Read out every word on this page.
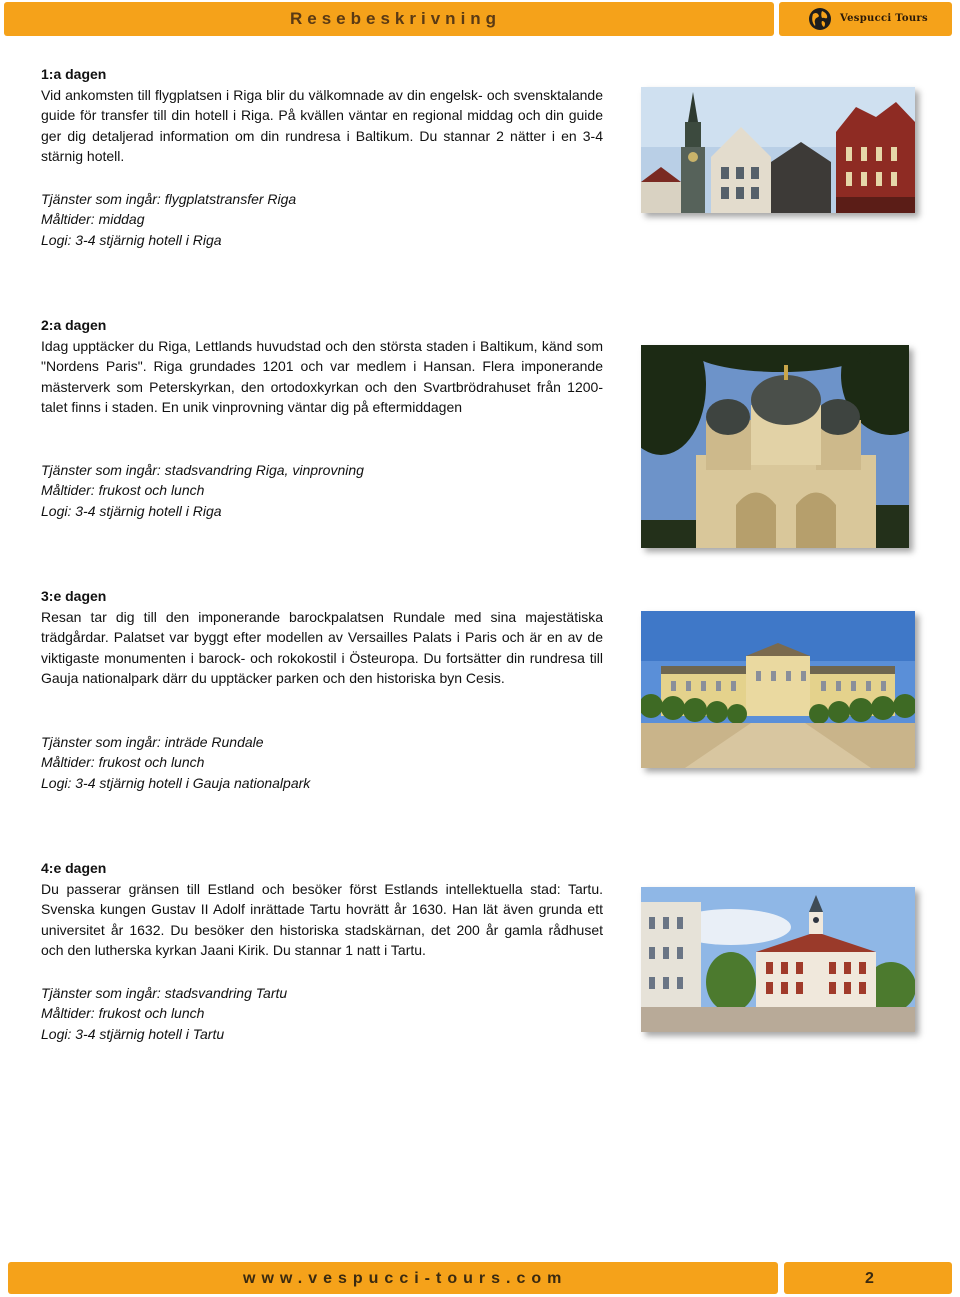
Resebeskrivning	Vespucci Tours
1:a dagen
Vid ankomsten till flygplatsen i Riga blir du välkomnade av din engelsk- och svensktalande guide för transfer till din hotell i Riga. På kvällen väntar en regional middag och din guide ger dig detaljerad information om din rundresa i Baltikum. Du stannar 2 nätter i en 3-4 stärnig hotell.
Tjänster som ingår: flygplatstransfer Riga
Måltider: middag
Logi: 3-4 stjärnig hotell i Riga
2:a dagen
Idag upptäcker du Riga, Lettlands huvudstad och den största staden i Baltikum, känd som "Nordens Paris". Riga grundades 1201 och var medlem i Hansan. Flera imponerande mästerverk som Peterskyrkan, den ortodoxkyrkan och den Svartbrödrahuset från 1200-talet finns i staden. En unik vinprovning väntar dig på eftermiddagen
Tjänster som ingår: stadsvandring Riga, vinprovning
Måltider: frukost och lunch
Logi: 3-4 stjärnig hotell i Riga
3:e dagen
Resan tar dig till den imponerande barockpalatsen Rundale med sina majestätiska trädgårdar. Palatset var byggt efter modellen av Versailles Palats i Paris och är en av de viktigaste monumenten i barock- och rokokostil i Östeuropa. Du fortsätter din rundresa till Gauja nationalpark därr du upptäcker parken och den historiska byn Cesis.
Tjänster som ingår: inträde Rundale
Måltider: frukost och lunch
Logi: 3-4 stjärnig hotell i Gauja nationalpark
4:e dagen
Du passerar gränsen till Estland och besöker först Estlands intellektuella stad: Tartu. Svenska kungen Gustav II Adolf inrättade Tartu hovrätt år 1630. Han lät även grunda ett universitet år 1632. Du besöker den historiska stadskärnan, det 200 år gamla rådhuset och den lutherska kyrkan Jaani Kirik. Du stannar 1 natt i Tartu.
Tjänster som ingår: stadsvandring Tartu
Måltider: frukost och lunch
Logi: 3-4 stjärnig hotell i Tartu
www.vespucci-tours.com	2
